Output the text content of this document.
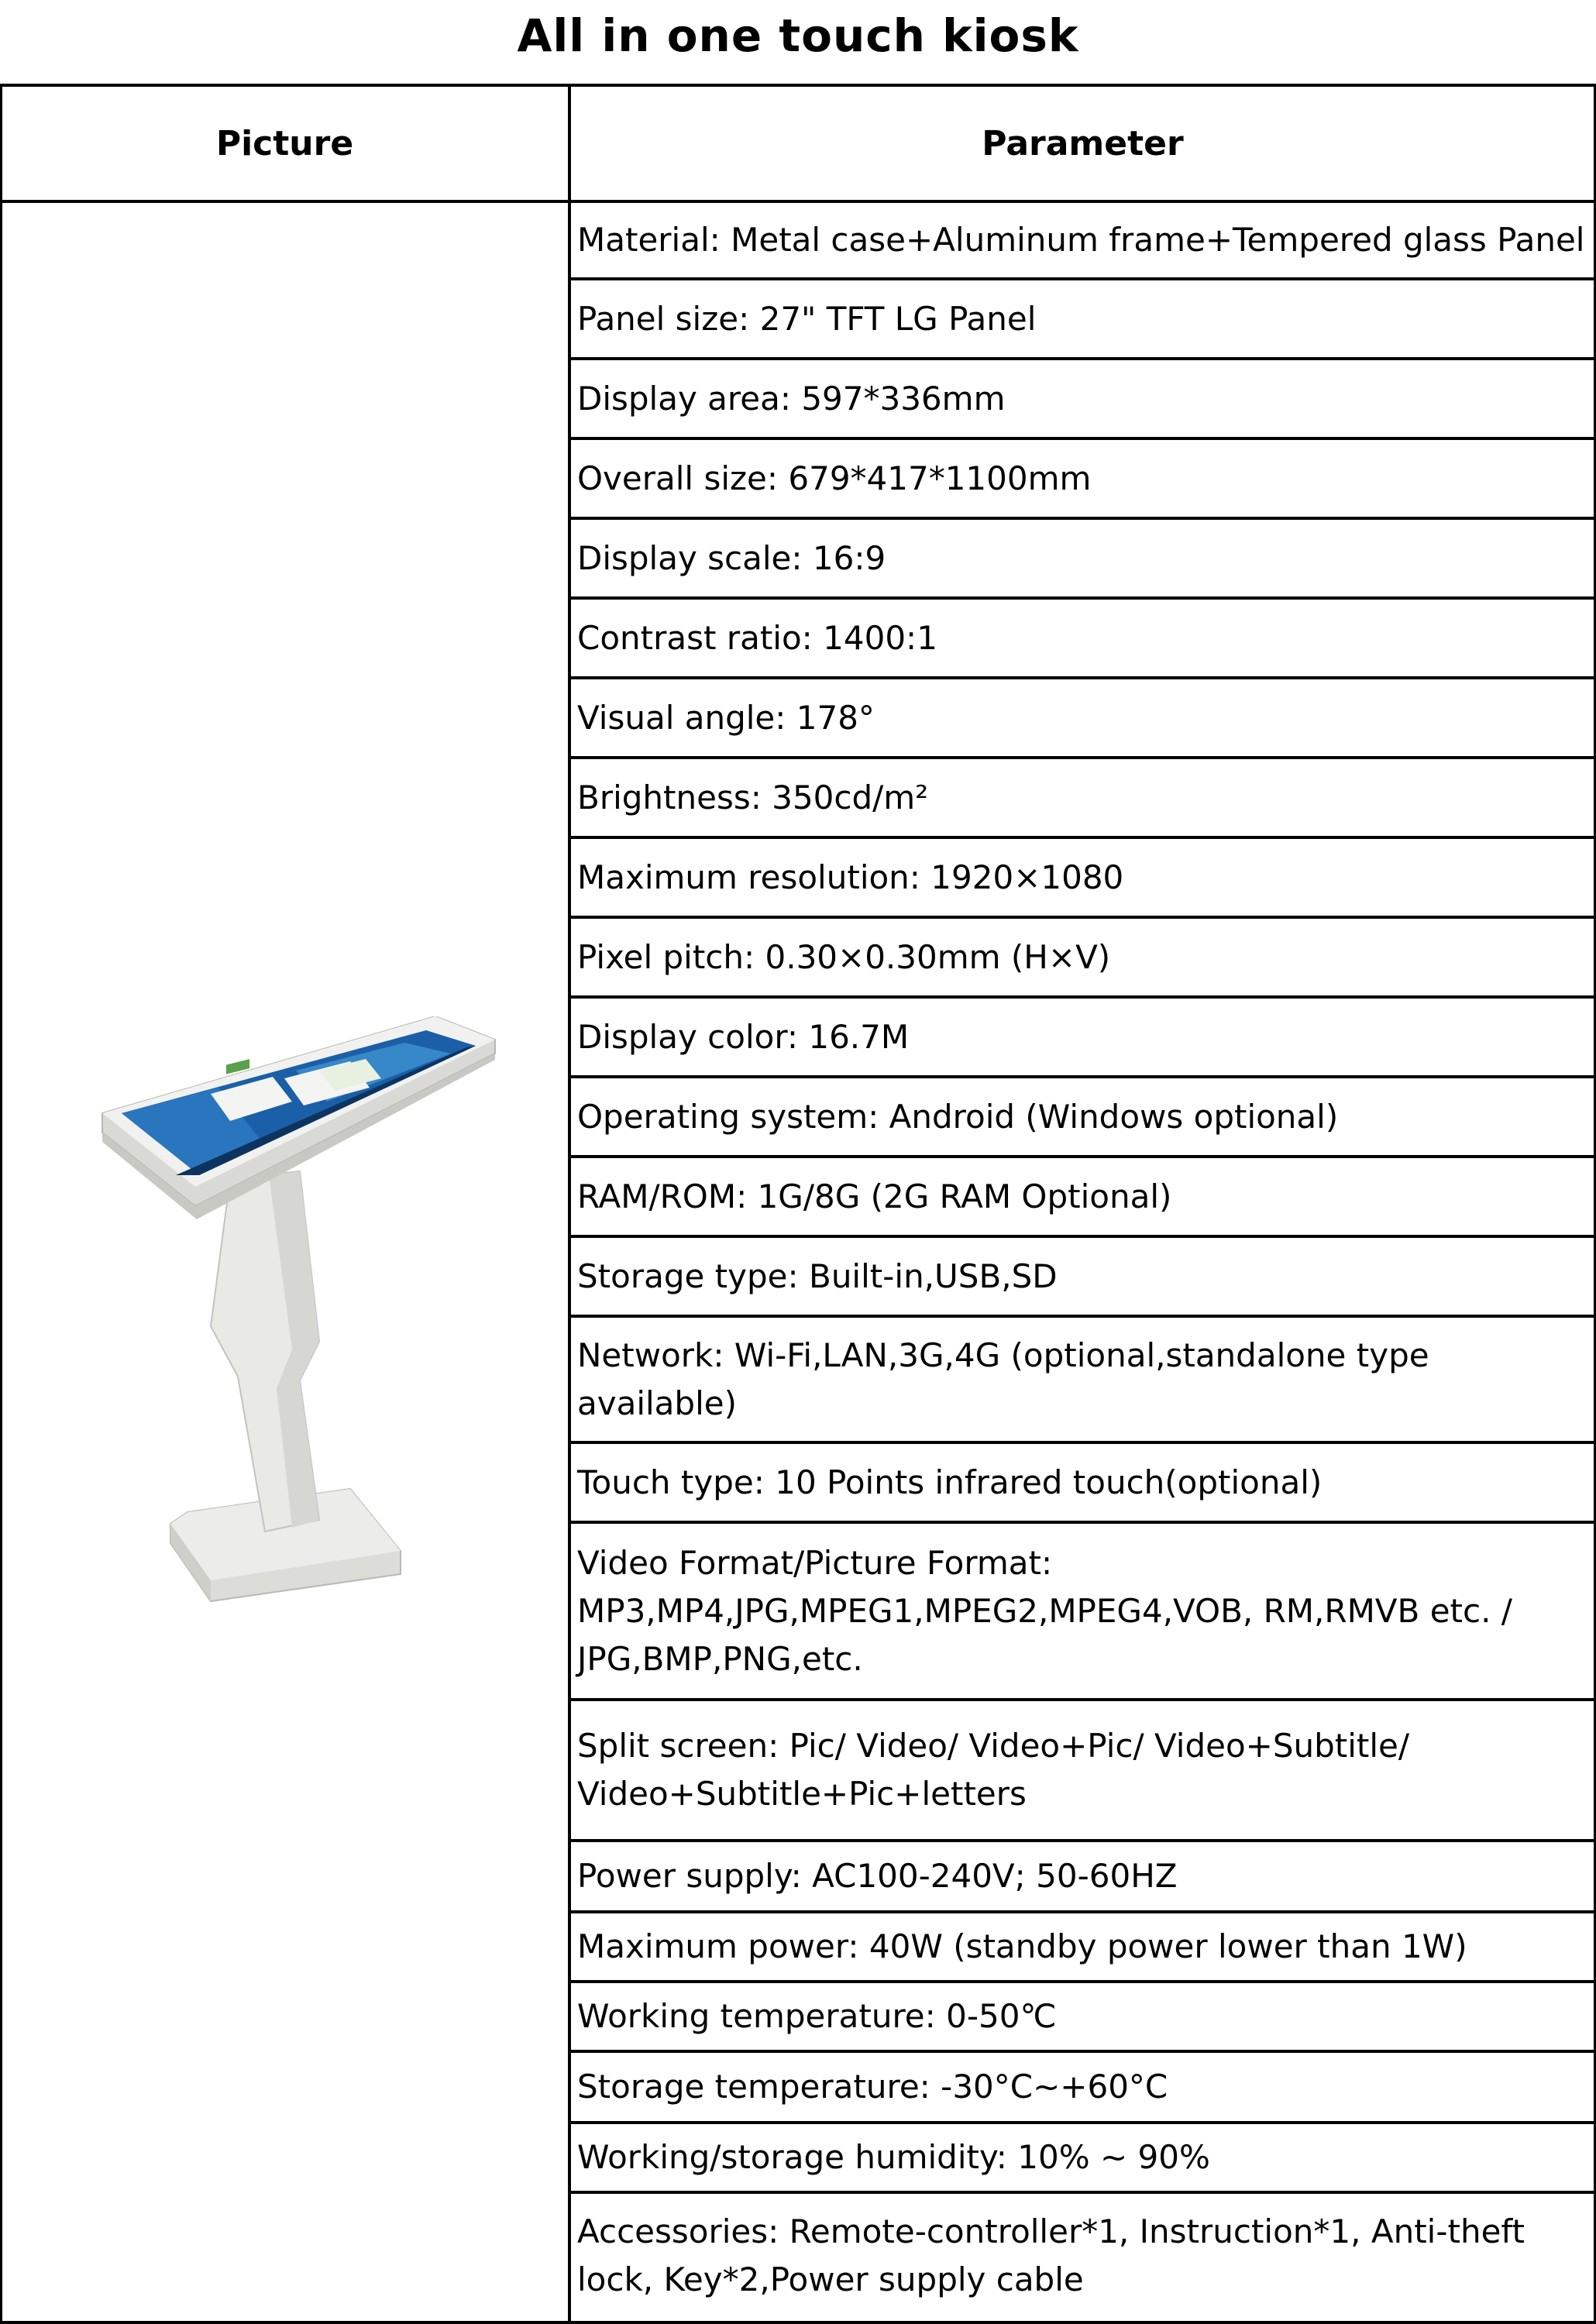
All in one touch kiosk
Picture	Parameter
Material: Metal case+Aluminum frame+Tempered glass Panel
Panel size: 27" TFT LG Panel
Display area: 597*336mm
Overall size: 679*417*1100mm
Display scale: 16:9
Contrast ratio: 1400:1
Visual angle: 178°
Brightness: 350cd/m²
Maximum resolution: 1920×1080
Pixel pitch: 0.30×0.30mm (H×V)
Display color: 16.7M
Operating system: Android (Windows optional)
RAM/ROM: 1G/8G (2G RAM Optional)
Storage type: Built-in,USB,SD
Network: Wi-Fi,LAN,3G,4G (optional,standalone type available)
Touch type: 10 Points infrared touch(optional)
Video Format/Picture Format: MP3,MP4,JPG,MPEG1,MPEG2,MPEG4,VOB, RM,RMVB etc. / JPG,BMP,PNG,etc.
Split screen: Pic/ Video/ Video+Pic/ Video+Subtitle/ Video+Subtitle+Pic+letters
Power supply: AC100-240V; 50-60HZ
Maximum power: 40W (standby power lower than 1W)
Working temperature: 0-50℃
Storage temperature: -30°C~+60°C
Working/storage humidity: 10% ~ 90%
Accessories: Remote-controller*1, Instruction*1, Anti-theft lock, Key*2,Power supply cable
